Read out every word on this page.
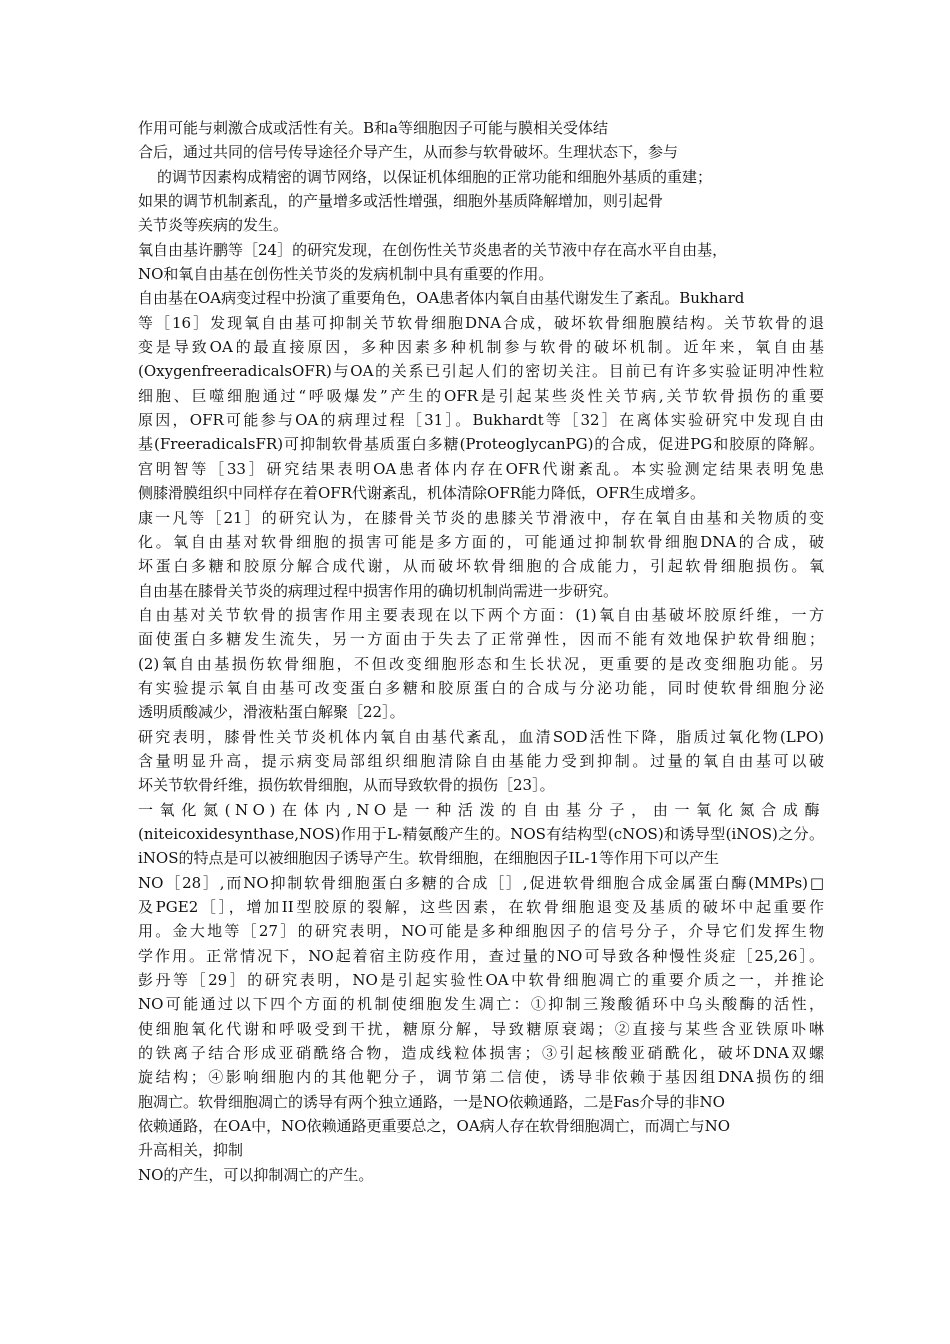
作用可能与刺激合成或活性有关。B和a等细胞因子可能与膜相关受体结
合后，通过共同的信号传导途径介导产生，从而参与软骨破坏。生理状态下，参与
的调节因素构成精密的调节网络，以保证机体细胞的正常功能和细胞外基质的重建；
如果的调节机制紊乱，的产量增多或活性增强，细胞外基质降解增加，则引起骨
关节炎等疾病的发生。
氧自由基许鹏等［24］的研究发现，在创伤性关节炎患者的关节液中存在高水平自由基，
NO和氧自由基在创伤性关节炎的发病机制中具有重要的作用。
自由基在OA病变过程中扮演了重要角色，OA患者体内氧自由基代谢发生了紊乱。Bukhard
等［16］发现氧自由基可抑制关节软骨细胞DNA合成，破坏软骨细胞膜结构。关节软骨的退
变是导致OA的最直接原因，多种因素多种机制参与软骨的破坏机制。近年来，氧自由基
(OxygenfreeradicalsOFR)与OA的关系已引起人们的密切关注。目前已有许多实验证明冲性粒
细胞、巨噬细胞通过“呼吸爆发”产生的OFR是引起某些炎性关节病,关节软骨损伤的重要
原因，OFR可能参与OA的病理过程［31］。Bukhardt等［32］在离体实验研究中发现自由
基(FreeradicalsFR)可抑制软骨基质蛋白多糖(ProteoglycanPG)的合成，促进PG和胶原的降解。
宫明智等［33］研究结果表明OA患者体内存在OFR代谢紊乱。本实验测定结果表明兔患
侧膝滑膜组织中同样存在着OFR代谢紊乱，机体清除OFR能力降低，OFR生成增多。
康一凡等［21］的研究认为，在膝骨关节炎的患膝关节滑液中，存在氧自由基和关物质的变
化。氧自由基对软骨细胞的损害可能是多方面的，可能通过抑制软骨细胞DNA的合成，破
坏蛋白多糖和胶原分解合成代谢，从而破坏软骨细胞的合成能力，引起软骨细胞损伤。氧
自由基在膝骨关节炎的病理过程中损害作用的确切机制尚需进一步研究。
自由基对关节软骨的损害作用主要表现在以下两个方面：(1)氧自由基破坏胶原纤维，一方
面使蛋白多糖发生流失，另一方面由于失去了正常弹性，因而不能有效地保护软骨细胞；
(2)氧自由基损伤软骨细胞，不但改变细胞形态和生长状况，更重要的是改变细胞功能。另
有实验提示氧自由基可改变蛋白多糖和胶原蛋白的合成与分泌功能，同时使软骨细胞分泌
透明质酸减少，滑液粘蛋白解聚［22］。
研究表明，膝骨性关节炎机体内氧自由基代紊乱，血清SOD活性下降，脂质过氧化物(LPO)
含量明显升高，提示病变局部组织细胞清除自由基能力受到抑制。过量的氧自由基可以破
坏关节软骨纤维，损伤软骨细胞，从而导致软骨的损伤［23］。
一氧化氮(NO)在体内,NO是一种活泼的自由基分子，由一氧化氮合成酶
(niteicoxidesynthase,NOS)作用于L-精氨酸产生的。NOS有结构型(cNOS)和诱导型(iNOS)之分。
iNOS的特点是可以被细胞因子诱导产生。软骨细胞，在细胞因子IL-1等作用下可以产生
NO［28］,而NO抑制软骨细胞蛋白多糖的合成［］,促进软骨细胞合成金属蛋白酶(MMPs)□
及PGE2［］，增加II型胶原的裂解，这些因素，在软骨细胞退变及基质的破坏中起重要作
用。金大地等［27］的研究表明，NO可能是多种细胞因子的信号分子，介导它们发挥生物
学作用。正常情况下，NO起着宿主防疫作用，查过量的NO可导致各种慢性炎症［25,26］。
彭丹等［29］的研究表明，NO是引起实验性OA中软骨细胞凋亡的重要介质之一，并推论
NO可能通过以下四个方面的机制使细胞发生凋亡：①抑制三羧酸循环中乌头酸酶的活性，
使细胞氧化代谢和呼吸受到干扰，糖原分解，导致糖原衰竭；②直接与某些含亚铁原卟啉
的铁离子结合形成亚硝酰络合物，造成线粒体损害；③引起核酸亚硝酰化，破坏DNA双螺
旋结构；④影响细胞内的其他靶分子，调节第二信使，诱导非依赖于基因组DNA损伤的细
胞凋亡。软骨细胞凋亡的诱导有两个独立通路，一是NO依赖通路，二是Fas介导的非NO
依赖通路，在OA中，NO依赖通路更重要总之，OA病人存在软骨细胞凋亡，而凋亡与NO
升高相关，抑制
NO的产生，可以抑制凋亡的产生。
